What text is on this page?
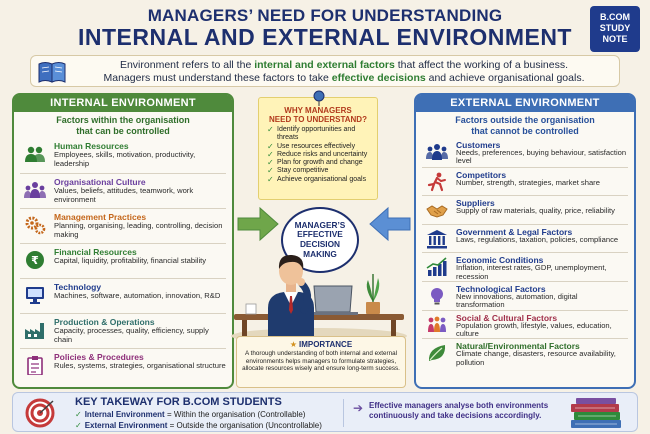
MANAGERS’ NEED FOR UNDERSTANDING
INTERNAL AND EXTERNAL ENVIRONMENT
B.COM
STUDY
NOTE
Environment refers to all the internal and external factors that affect the working of a business.
Managers must understand these factors to take effective decisions and achieve organisational goals.
INTERNAL ENVIRONMENT
Factors within the organisation
that can be controlled
Human Resources
Employees, skills, motivation, productivity, leadership
Organisational Culture
Values, beliefs, attitudes, teamwork, work environment
Management Practices
Planning, organising, leading, controlling, decision making
₹
Financial Resources
Capital, liquidity, profitability, financial stability
Technology
Machines, software, automation, innovation, R&D
Production & Operations
Capacity, processes, quality, efficiency, supply chain
Policies & Procedures
Rules, systems, strategies, organisational structure
EXTERNAL ENVIRONMENT
Factors outside the organisation
that cannot be controlled
Customers
Needs, preferences, buying behaviour, satisfaction level
Competitors
Number, strength, strategies, market share
Suppliers
Supply of raw materials, quality, price, reliability
Government & Legal Factors
Laws, regulations, taxation, policies, compliance
Economic Conditions
Inflation, interest rates, GDP, unemployment, recession
Technological Factors
New innovations, automation, digital transformation
Social & Cultural Factors
Population growth, lifestyle, values, education, culture
Natural/Environmental Factors
Climate change, disasters, resource availability, pollution
WHY MANAGERS
NEED TO UNDERSTAND?
✓ Identify opportunities and threats
✓ Use resources effectively
✓ Reduce risks and uncertainty
✓ Plan for growth and change
✓ Stay competitive
✓ Achieve organisational goals
MANAGER’S
EFFECTIVE
DECISION
MAKING
★ IMPORTANCE
A thorough understanding of both internal and external environments helps managers to formulate strategies, allocate resources wisely and ensure long-term success.
KEY TAKEWAY FOR B.COM STUDENTS
✓ Internal Environment = Within the organisation (Controllable)
✓ External Environment = Outside the organisation (Uncontrollable)
➔ Effective managers analyse both environments continuously and take decisions accordingly.
